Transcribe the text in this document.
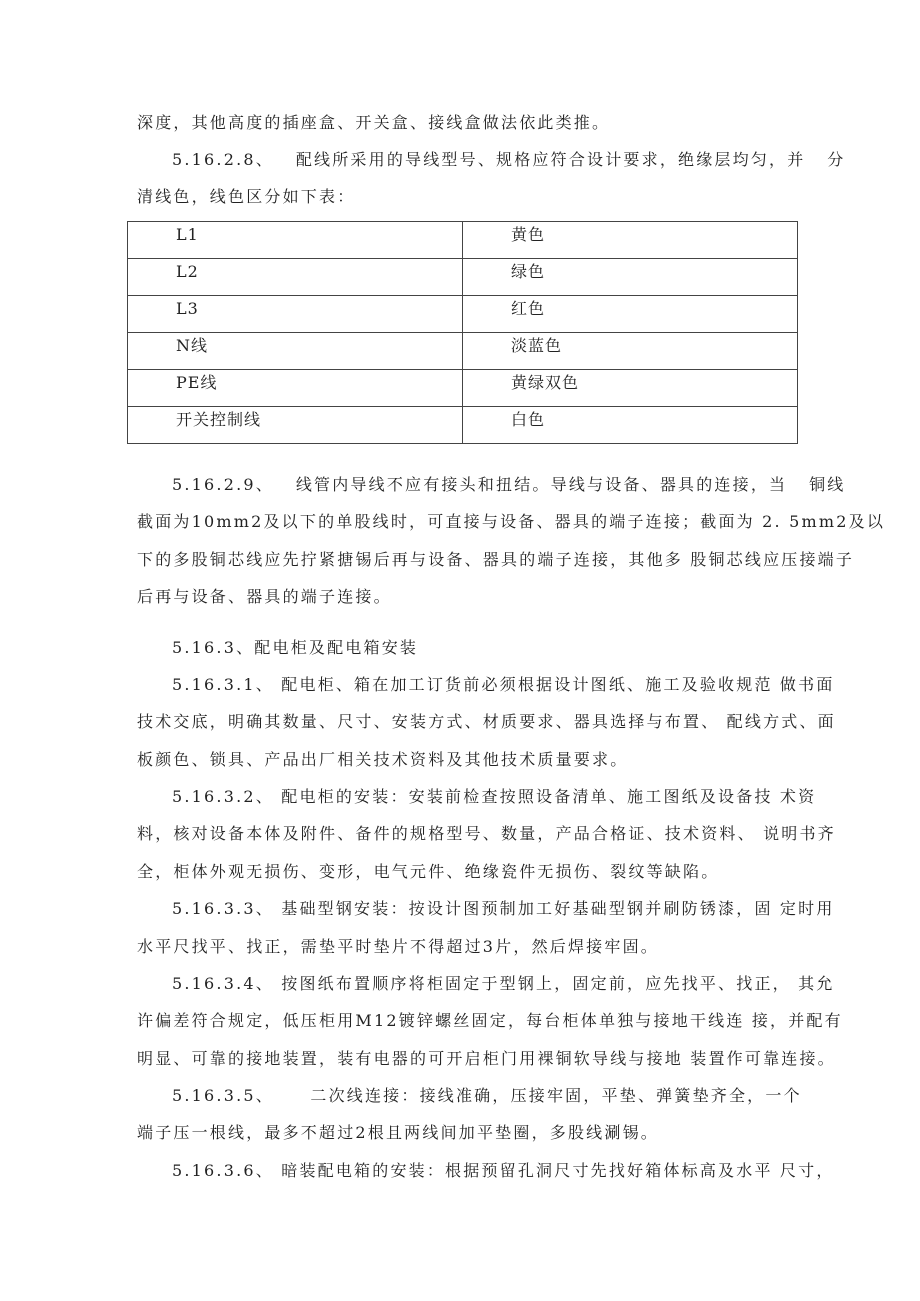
深度，其他高度的插座盒、开关盒、接线盒做法依此类推。
5.16.2.8、   配线所采用的导线型号、规格应符合设计要求，绝缘层均匀，并   分
清线色，线色区分如下表：
5.16.2.9、   线管内导线不应有接头和扭结。导线与设备、器具的连接，当   铜线
截面为10mm2及以下的单股线时，可直接与设备、器具的端子连接；截面为 2. 5mm2及以
下的多股铜芯线应先拧紧搪锡后再与设备、器具的端子连接，其他多 股铜芯线应压接端子
后再与设备、器具的端子连接。
5.16.3、配电柜及配电箱安装
5.16.3.1、 配电柜、箱在加工订货前必须根据设计图纸、施工及验收规范 做书面
技术交底，明确其数量、尺寸、安装方式、材质要求、器具选择与布置、 配线方式、面
板颜色、锁具、产品出厂相关技术资料及其他技术质量要求。
5.16.3.2、 配电柜的安装：安装前检查按照设备清单、施工图纸及设备技 术资
料，核对设备本体及附件、备件的规格型号、数量，产品合格证、技术资料、 说明书齐
全，柜体外观无损伤、变形，电气元件、绝缘瓷件无损伤、裂纹等缺陷。
5.16.3.3、 基础型钢安装：按设计图预制加工好基础型钢并刷防锈漆，固 定时用
水平尺找平、找正，需垫平时垫片不得超过3片，然后焊接牢固。
5.16.3.4、 按图纸布置顺序将柜固定于型钢上，固定前，应先找平、找正， 其允
许偏差符合规定，低压柜用M12镀锌螺丝固定，每台柜体单独与接地干线连 接，并配有
明显、可靠的接地装置，装有电器的可开启柜门用裸铜软导线与接地 装置作可靠连接。
5.16.3.5、     二次线连接：接线准确，压接牢固，平垫、弹簧垫齐全，一个
端子压一根线，最多不超过2根且两线间加平垫圈，多股线涮锡。
5.16.3.6、 暗装配电箱的安装：根据预留孔洞尺寸先找好箱体标高及水平 尺寸，
L1	黄色
L2	绿色
L3	红色
N线	淡蓝色
PE线	黄绿双色
开关控制线	白色
